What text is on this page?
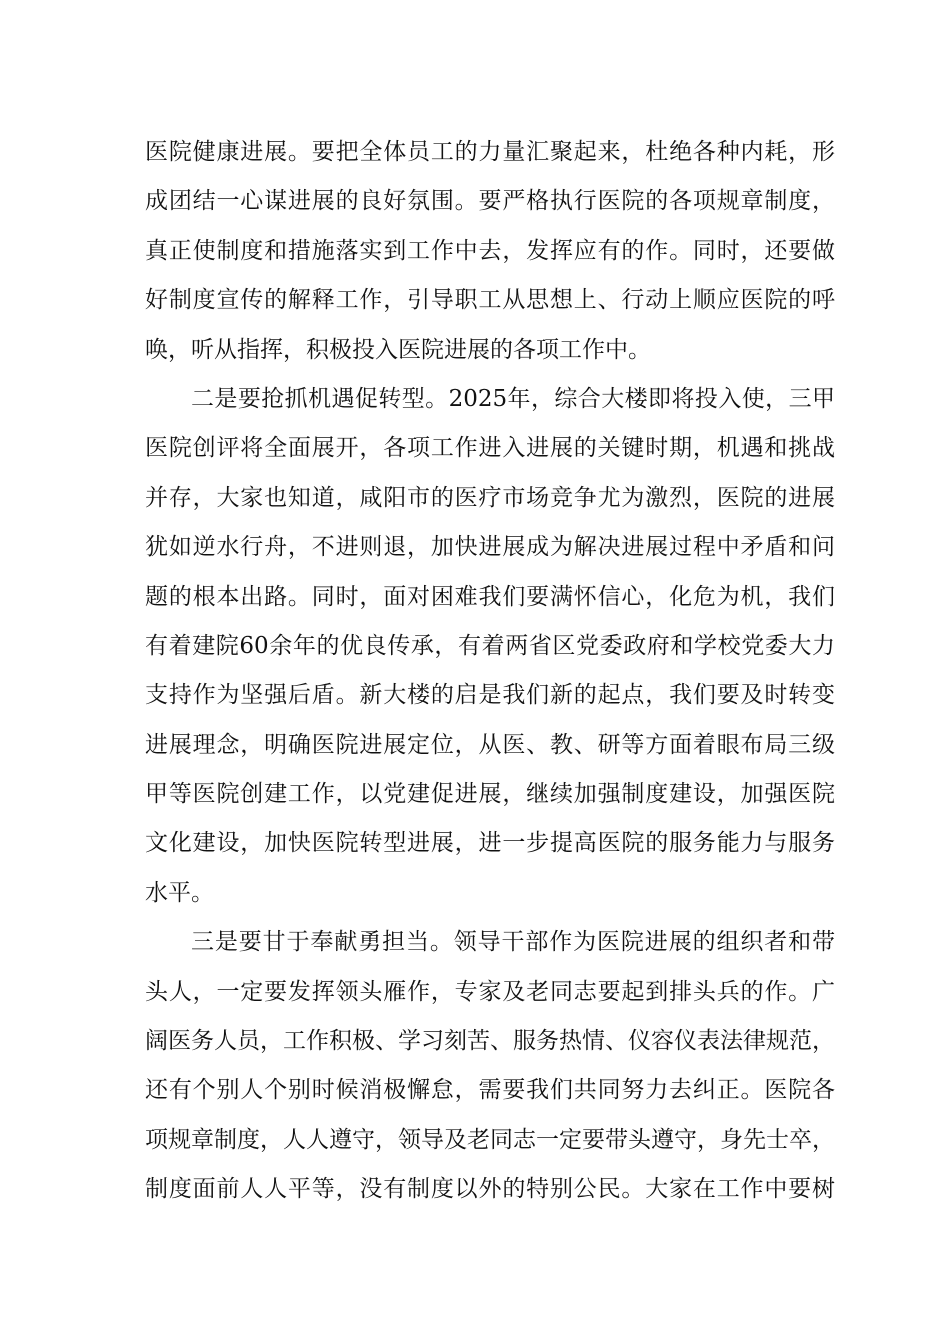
医院健康进展。要把全体员工的力量汇聚起来，杜绝各种内耗，形
成团结一心谋进展的良好氛围。要严格执行医院的各项规章制度，
真正使制度和措施落实到工作中去，发挥应有的作。同时，还要做
好制度宣传的解释工作，引导职工从思想上、行动上顺应医院的呼
唤，听从指挥，积极投入医院进展的各项工作中。
二是要抢抓机遇促转型。2025年，综合大楼即将投入使，三甲
医院创评将全面展开，各项工作进入进展的关键时期，机遇和挑战
并存，大家也知道，咸阳市的医疗市场竞争尤为激烈，医院的进展
犹如逆水行舟，不进则退，加快进展成为解决进展过程中矛盾和问
题的根本出路。同时，面对困难我们要满怀信心，化危为机，我们
有着建院60余年的优良传承，有着两省区党委政府和学校党委大力
支持作为坚强后盾。新大楼的启是我们新的起点，我们要及时转变
进展理念，明确医院进展定位，从医、教、研等方面着眼布局三级
甲等医院创建工作，以党建促进展，继续加强制度建设，加强医院
文化建设，加快医院转型进展，进一步提高医院的服务能力与服务
水平。
三是要甘于奉献勇担当。领导干部作为医院进展的组织者和带
头人，一定要发挥领头雁作，专家及老同志要起到排头兵的作。广
阔医务人员，工作积极、学习刻苦、服务热情、仪容仪表法律规范，
还有个别人个别时候消极懈怠，需要我们共同努力去纠正。医院各
项规章制度，人人遵守，领导及老同志一定要带头遵守，身先士卒，
制度面前人人平等，没有制度以外的特别公民。大家在工作中要树
